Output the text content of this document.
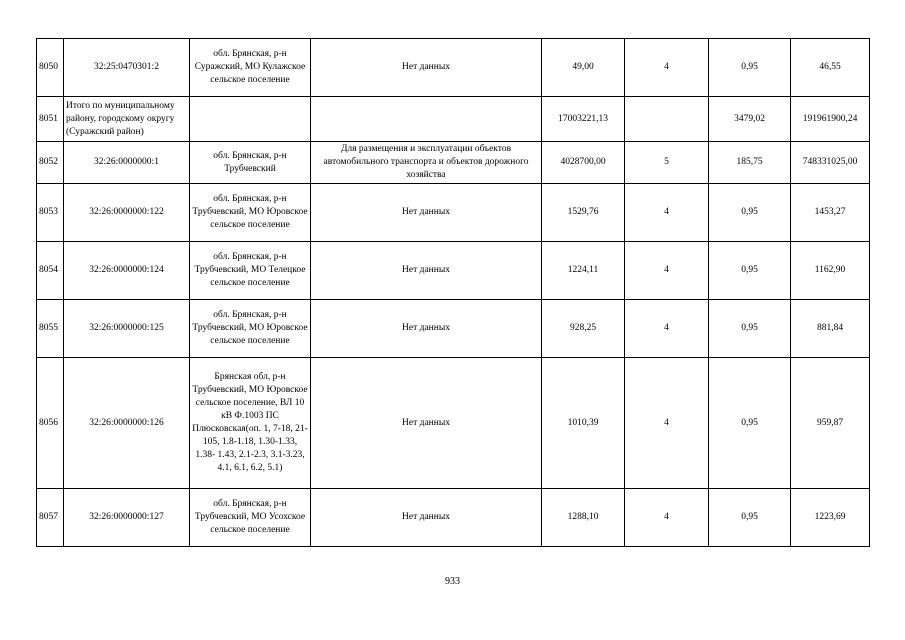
8050	32:25:0470301:2	обл. Брянская, р-н Суражский, МО Кулажское сельское поселение	Нет данных	49,00	4	0,95	46,55
8051	Итого по муниципальному району, городскому округу (Суражский район)			17003221,13		3479,02	191961900,24
8052	32:26:0000000:1	обл. Брянская, р-н Трубчевский	Для размещения и эксплуатации объектов автомобильного транспорта и объектов дорожного хозяйства	4028700,00	5	185,75	748331025,00
8053	32:26:0000000:122	обл. Брянская, р-н Трубчевский, МО Юровское сельское поселение	Нет данных	1529,76	4	0,95	1453,27
8054	32:26:0000000:124	обл. Брянская, р-н Трубчевский, МО Телецкое сельское поселение	Нет данных	1224,11	4	0,95	1162,90
8055	32:26:0000000:125	обл. Брянская, р-н Трубчевский, МО Юровское сельское поселение	Нет данных	928,25	4	0,95	881,84
8056	32:26:0000000:126	Брянская обл, р-н Трубчевский, МО Юровское сельское поселение, ВЛ 10 кВ Ф.1003 ПС Плюсковская(оп. 1, 7-18, 21-105, 1.8-1.18, 1.30-1.33, 1.38- 1.43, 2.1-2.3, 3.1-3.23, 4.1, 6.1, 6.2, 5.1)	Нет данных	1010,39	4	0,95	959,87
8057	32:26:0000000:127	обл. Брянская, р-н Трубчевский, МО Усохское сельское поселение	Нет данных	1288,10	4	0,95	1223,69
933
